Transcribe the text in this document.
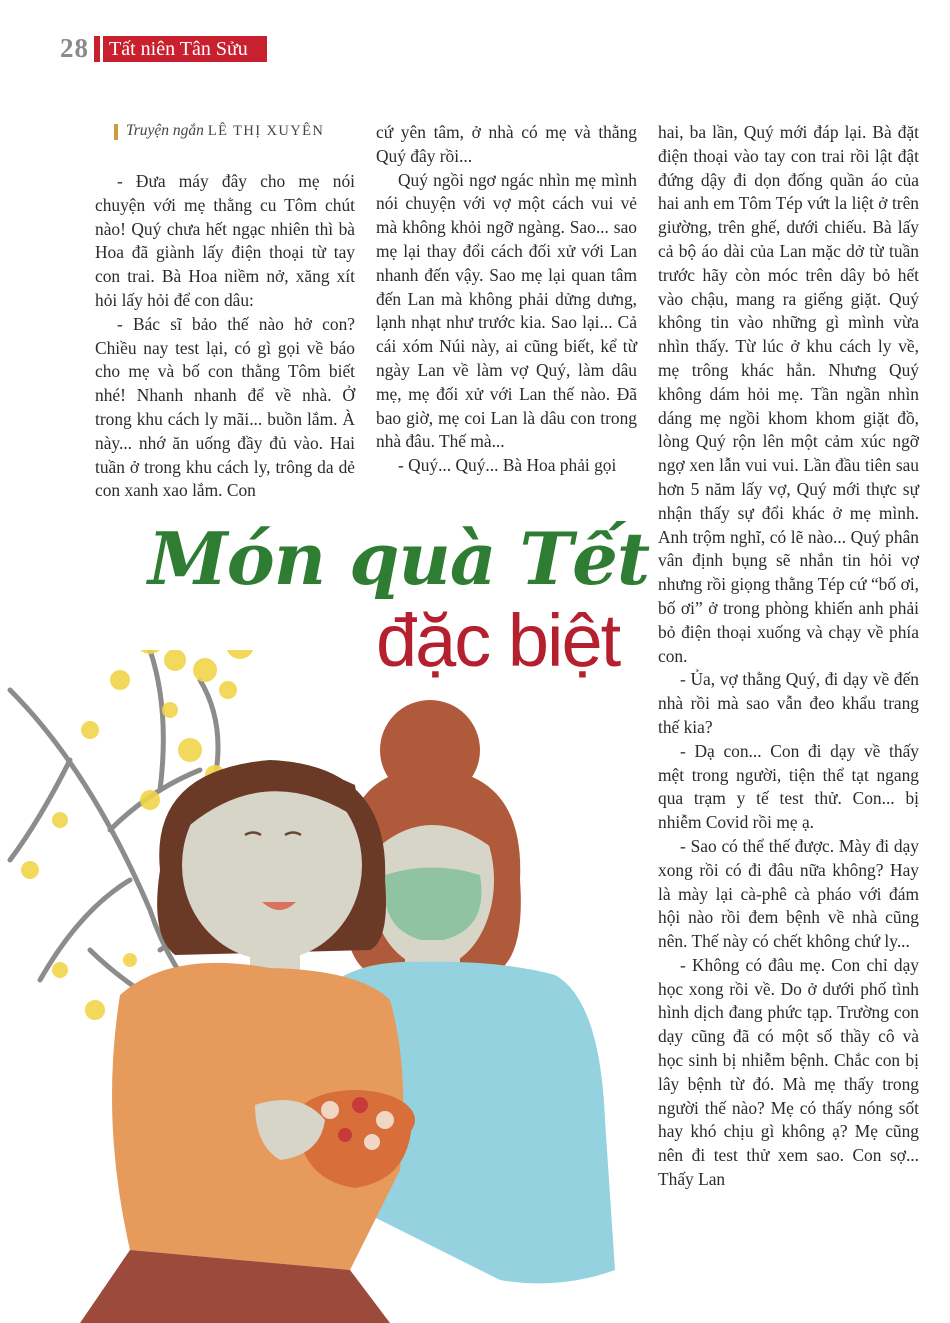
28	Tất niên Tân Sửu
Truyện ngắn LÊ THỊ XUYÊN

- Đưa máy đây cho mẹ nói chuyện với mẹ thằng cu Tôm chút nào! Quý chưa hết ngạc nhiên thì bà Hoa đã giành lấy điện thoại từ tay con trai. Bà Hoa niềm nở, xăng xít hỏi lấy hỏi để con dâu:

- Bác sĩ bảo thế nào hở con? Chiều nay test lại, có gì gọi về báo cho mẹ và bố con thằng Tôm biết nhé! Nhanh nhanh để về nhà. Ở trong khu cách ly mãi... buồn lắm. À này... nhớ ăn uống đầy đủ vào. Hai tuần ở trong khu cách ly, trông da dẻ con xanh xao lắm. Con

cứ yên tâm, ở nhà có mẹ và thằng Quý đây rồi...

Quý ngồi ngơ ngác nhìn mẹ mình nói chuyện với vợ một cách vui vẻ mà không khỏi ngỡ ngàng. Sao... sao mẹ lại thay đổi cách đối xử với Lan nhanh đến vậy. Sao mẹ lại quan tâm đến Lan mà không phải dửng dưng, lạnh nhạt như trước kia. Sao lại... Cả cái xóm Núi này, ai cũng biết, kể từ ngày Lan về làm vợ Quý, làm dâu mẹ, mẹ đối xử với Lan thế nào. Đã bao giờ, mẹ coi Lan là dâu con trong nhà đâu. Thế mà...

- Quý... Quý... Bà Hoa phải gọi

hai, ba lần, Quý mới đáp lại. Bà đặt điện thoại vào tay con trai rồi lật đật đứng dậy đi dọn đống quần áo của hai anh em Tôm Tép vứt la liệt ở trên giường, trên ghế, dưới chiếu. Bà lấy cả bộ áo dài của Lan mặc dở từ tuần trước hãy còn móc trên dây bỏ hết vào chậu, mang ra giếng giặt. Quý không tin vào những gì mình vừa nhìn thấy. Từ lúc ở khu cách ly về, mẹ trông khác hẳn. Nhưng Quý không dám hỏi mẹ. Tần ngần nhìn dáng mẹ ngồi khom khom giặt đồ, lòng Quý rộn lên một cảm xúc ngỡ ngợ xen lẫn vui vui. Lần đầu tiên sau hơn 5 năm lấy vợ, Quý mới thực sự nhận thấy sự đổi khác ở mẹ mình. Anh trộm nghĩ, có lẽ nào... Quý phân vân định bụng sẽ nhắn tin hỏi vợ nhưng rồi giọng thằng Tép cứ “bố ơi, bố ơi” ở trong phòng khiến anh phải bỏ điện thoại xuống và chạy về phía con.

- Ủa, vợ thằng Quý, đi dạy về đến nhà rồi mà sao vẫn đeo khẩu trang thế kia?

- Dạ con... Con đi dạy về thấy mệt trong người, tiện thể tạt ngang qua trạm y tế test thử. Con... bị nhiễm Covid rồi mẹ ạ.

- Sao có thể thế được. Mày đi dạy xong rồi có đi đâu nữa không? Hay là mày lại cà-phê cà pháo với đám hội nào rồi đem bệnh về nhà cũng nên. Thế này có chết không chứ ly...

- Không có đâu mẹ. Con chỉ dạy học xong rồi về. Do ở dưới phố tình hình dịch đang phức tạp. Trường con dạy cũng đã có một số thầy cô và học sinh bị nhiễm bệnh. Chắc con bị lây bệnh từ đó. Mà mẹ thấy trong người thế nào? Mẹ có thấy nóng sốt hay khó chịu gì không ạ? Mẹ cũng nên đi test thử xem sao. Con sợ... Thấy Lan

Món quà Tết
đặc biệt
